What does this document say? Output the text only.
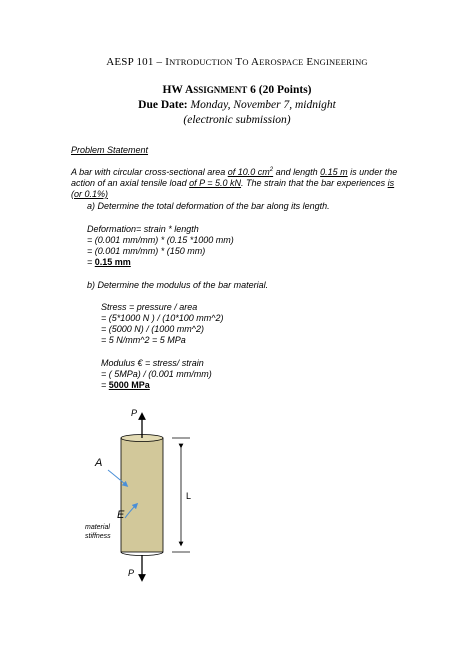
AESP 101 – INTRODUCTION TO AEROSPACE ENGINEERING
HW ASSIGNMENT 6 (20 Points)
Due Date: Monday, November 7, midnight
(electronic submission)
Problem Statement
A bar with circular cross-sectional area of 10.0 $cm^2$ and length 0.15 m is under the
action of an axial tensile load of P = 5.0 kN. The strain that the bar experiences is
(or 0.1%)
a) Determine the total deformation of the bar along its length.
Deformation= strain * length
= (0.001 mm/mm) * (0.15 *1000 mm)
= (0.001 mm/mm) * (150 mm)
= 0.15 mm
b) Determine the modulus of the bar material.
Stress = pressure / area
= (5*1000 N ) / (10*100 mm^2)
= (5000 N) / (1000 mm^2)
= 5 N/mm^2 = 5 MPa
Modulus € = stress/ strain
= ( 5MPa) / (0.001 mm/mm)
= 5000 MPa
P
P
A
E
L
material
stiffness
